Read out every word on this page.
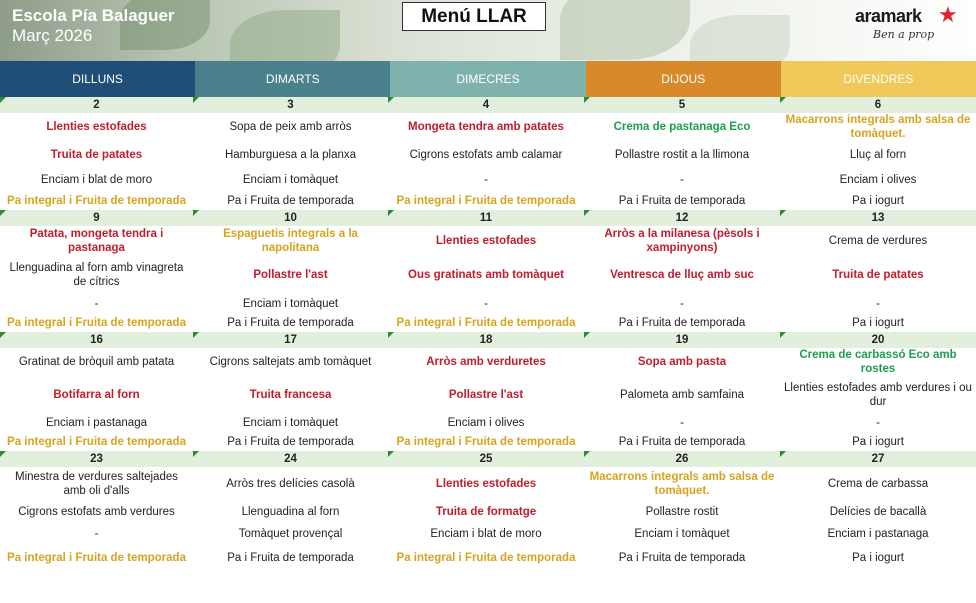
Escola Pía Balaguer
Març 2026
Menú LLAR	aramark ★
Ben a prop
DILLUNS	DIMARTS	DIMECRES	DIJOUS	DIVENDRES
2	3	4	5	6
Llenties estofades	Sopa de peix amb arròs	Mongeta tendra amb patates	Crema de pastanaga Eco	Macarrons integrals amb salsa de tomàquet.
Truita de patates	Hamburguesa a la planxa	Cigrons estofats amb calamar	Pollastre rostit a la llimona	Lluç al forn
Enciam i blat de moro	Enciam i tomàquet	-	-	Enciam i olives
Pa integral i Fruita de temporada	Pa i Fruita de temporada	Pa integral i Fruita de temporada	Pa i Fruita de temporada	Pa i iogurt

9	10	11	12	13
Patata, mongeta tendra i pastanaga	Espaguetis integrals a la napolitana	Llenties estofades	Arròs a la milanesa (pèsols i xampinyons)	Crema de verdures
Llenguadina al forn amb vinagreta de cítrics	Pollastre l'ast	Ous gratinats amb tomàquet	Ventresca de lluç amb suc	Truita de patates
-	Enciam i tomàquet	-	-	-
Pa integral i Fruita de temporada	Pa i Fruita de temporada	Pa integral i Fruita de temporada	Pa i Fruita de temporada	Pa i iogurt

16	17	18	19	20
Gratinat de bròquil amb patata	Cigrons saltejats amb tomàquet	Arròs amb verduretes	Sopa amb pasta	Crema de carbassó Eco amb rostes
Botifarra al forn	Truita francesa	Pollastre l'ast	Palometa amb samfaina	Llenties estofades amb verdures i ou dur
Enciam i pastanaga	Enciam i tomàquet	Enciam i olives	-	-
Pa integral i Fruita de temporada	Pa i Fruita de temporada	Pa integral i Fruita de temporada	Pa i Fruita de temporada	Pa i iogurt

23	24	25	26	27
Minestra de verdures saltejades amb oli d'alls	Arròs tres delícies casolà	Llenties estofades	Macarrons integrals amb salsa de tomàquet.	Crema de carbassa
Cigrons estofats amb verdures	Llenguadina al forn	Truita de formatge	Pollastre rostit	Delícies de bacallà
-	Tomàquet provençal	Enciam i blat de moro	Enciam i tomàquet	Enciam i pastanaga
Pa integral i Fruita de temporada	Pa i Fruita de temporada	Pa integral i Fruita de temporada	Pa i Fruita de temporada	Pa i iogurt
